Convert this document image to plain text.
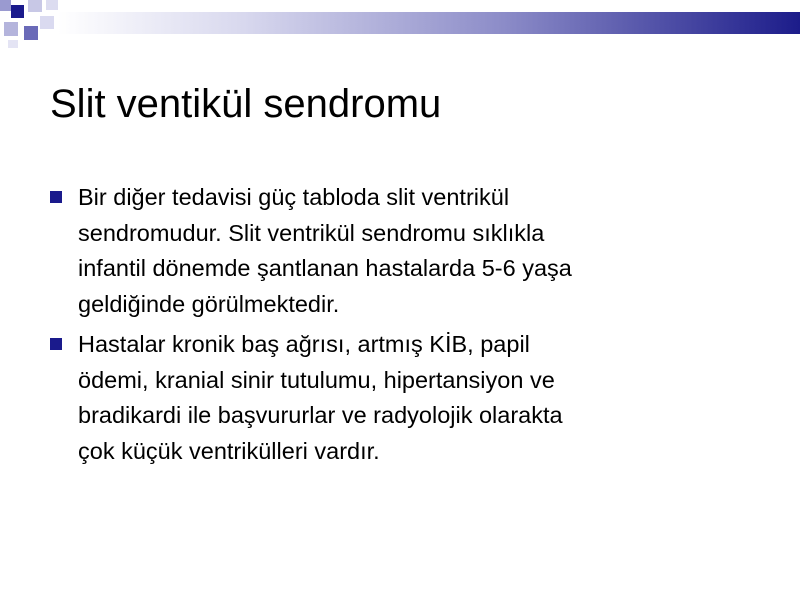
Slit ventikül sendromu
Bir diğer tedavisi güç tabloda slit ventrikül
sendromudur. Slit ventrikül sendromu sıklıkla
infantil dönemde şantlanan hastalarda 5-6 yaşa
geldiğinde görülmektedir.
Hastalar kronik baş ağrısı, artmış KİB, papil
ödemi, kranial sinir tutulumu, hipertansiyon ve
bradikardi ile başvururlar ve radyolojik olarakta
çok küçük ventrikülleri vardır.
